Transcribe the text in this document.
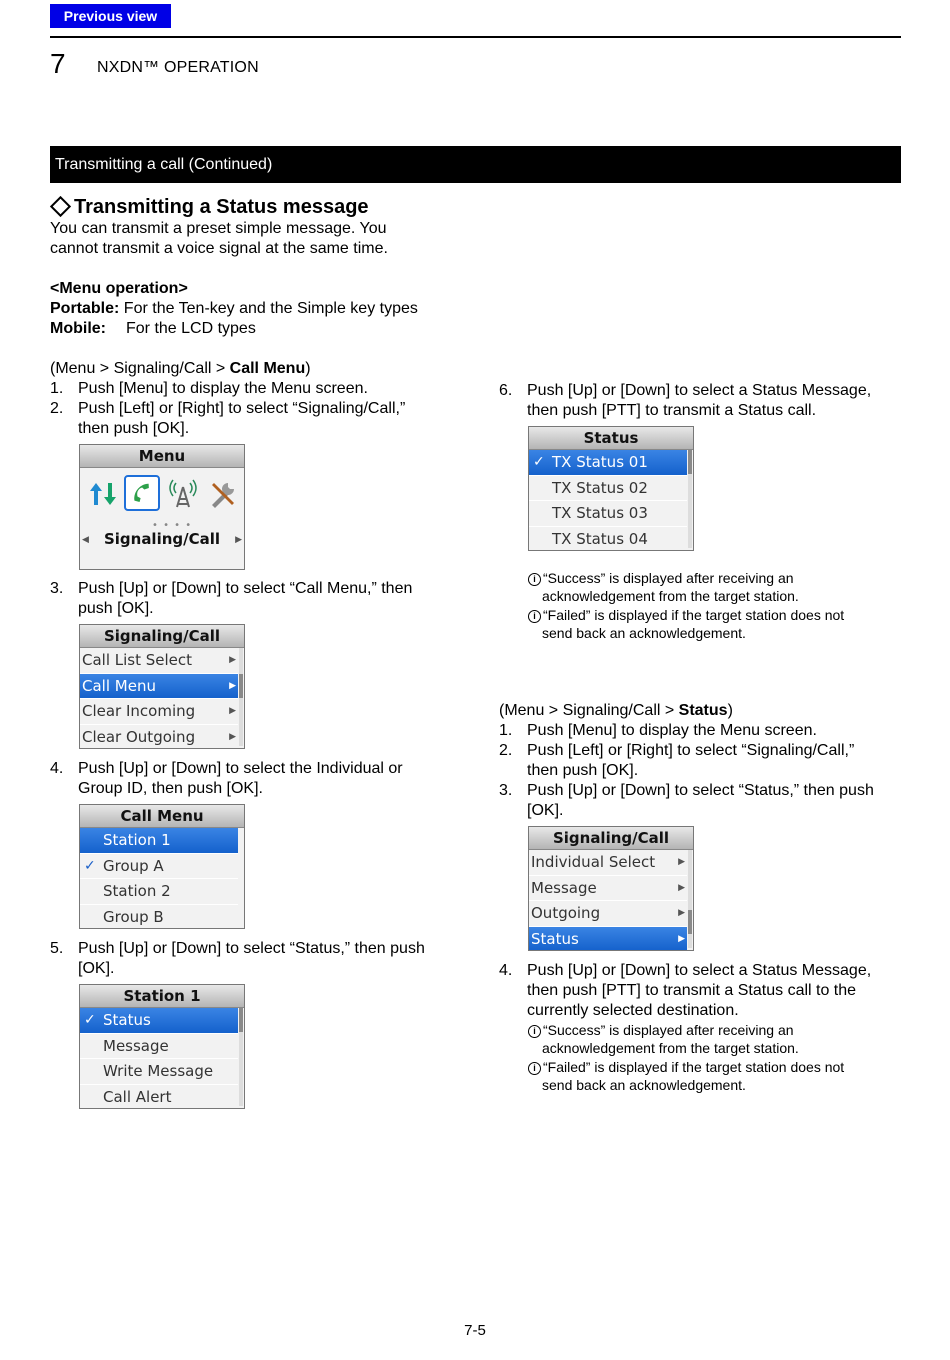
Previous view
7 NXDN™ OPERATION
Transmitting a call (Continued)
Transmitting a Status message
You can transmit a preset simple message. You
cannot transmit a voice signal at the same time.
<Menu operation>
Portable: For the Ten-key and the Simple key types
Mobile: For the LCD types
(Menu > Signaling/Call > Call Menu)
1. Push [Menu] to display the Menu screen.
2. Push [Left] or [Right] to select “Signaling/Call,”
then push [OK].
Menu
• • • •
◀	Signaling/Call	▶
3. Push [Up] or [Down] to select “Call Menu,” then
push [OK].
Signaling/Call
Call List Select	▶
Call Menu	▶
Clear Incoming	▶
Clear Outgoing	▶
4. Push [Up] or [Down] to select the Individual or
Group ID, then push [OK].
Call Menu
Station 1
✓ Group A
Station 2
Group B
5. Push [Up] or [Down] to select “Status,” then push
[OK].
Station 1
✓ Status
Message
Write Message
Call Alert
6. Push [Up] or [Down] to select a Status Message,
then push [PTT] to transmit a Status call.
Status
✓ TX Status 01
TX Status 02
TX Status 03
TX Status 04
i “Success” is displayed after receiving an
acknowledgement from the target station.
i “Failed” is displayed if the target station does not
send back an acknowledgement.
(Menu > Signaling/Call > Status)
1. Push [Menu] to display the Menu screen.
2. Push [Left] or [Right] to select “Signaling/Call,”
then push [OK].
3. Push [Up] or [Down] to select “Status,” then push
[OK].
Signaling/Call
Individual Select	▶
Message	▶
Outgoing	▶
Status	▶
4. Push [Up] or [Down] to select a Status Message,
then push [PTT] to transmit a Status call to the
currently selected destination.
i “Success” is displayed after receiving an
acknowledgement from the target station.
i “Failed” is displayed if the target station does not
send back an acknowledgement.
7-5
